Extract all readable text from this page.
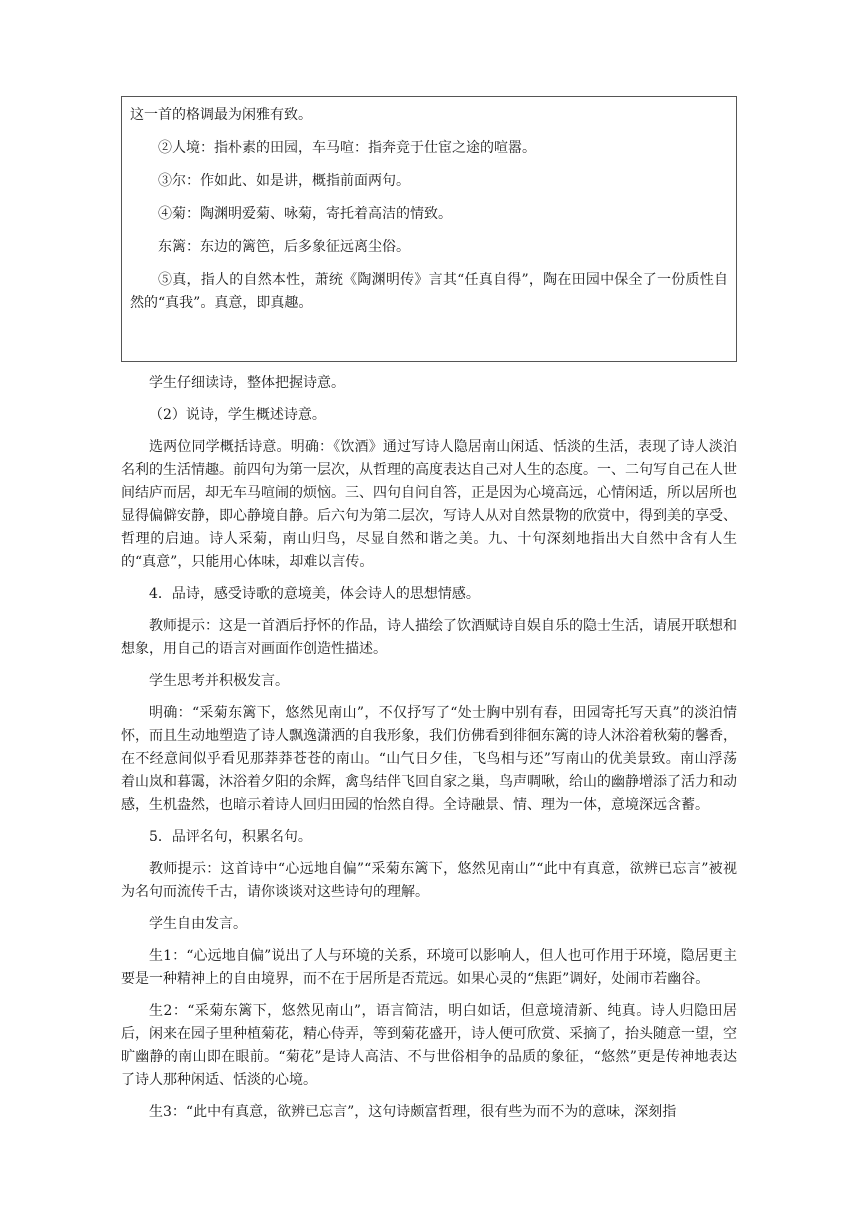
这一首的格调最为闲雅有致。

②人境：指朴素的田园，车马喧：指奔竞于仕宦之途的喧嚣。

③尔：作如此、如是讲，概指前面两句。

④菊：陶渊明爱菊、咏菊，寄托着高洁的情致。

东篱：东边的篱笆，后多象征远离尘俗。

⑤真，指人的自然本性，萧统《陶渊明传》言其“任真自得”，陶在田园中保全了一份质性自然的“真我”。真意，即真趣。

学生仔细读诗，整体把握诗意。

（2）说诗，学生概述诗意。

选两位同学概括诗意。明确：《饮酒》通过写诗人隐居南山闲适、恬淡的生活，表现了诗人淡泊名利的生活情趣。前四句为第一层次，从哲理的高度表达自己对人生的态度。一、二句写自己在人世间结庐而居，却无车马喧闹的烦恼。三、四句自问自答，正是因为心境高远，心情闲适，所以居所也显得偏僻安静，即心静境自静。后六句为第二层次，写诗人从对自然景物的欣赏中，得到美的享受、哲理的启迪。诗人采菊，南山归鸟，尽显自然和谐之美。九、十句深刻地指出大自然中含有人生的“真意”，只能用心体味，却难以言传。

4．品诗，感受诗歌的意境美，体会诗人的思想情感。

教师提示：这是一首酒后抒怀的作品，诗人描绘了饮酒赋诗自娱自乐的隐士生活，请展开联想和想象，用自己的语言对画面作创造性描述。

学生思考并积极发言。

明确：“采菊东篱下，悠然见南山”，不仅抒写了“处士胸中别有春，田园寄托写天真”的淡泊情怀，而且生动地塑造了诗人飘逸潇洒的自我形象，我们仿佛看到徘徊东篱的诗人沐浴着秋菊的馨香，在不经意间似乎看见那莽莽苍苍的南山。“山气日夕佳，飞鸟相与还”写南山的优美景致。南山浮荡着山岚和暮霭，沐浴着夕阳的余辉，禽鸟结伴飞回自家之巢，鸟声啁啾，给山的幽静增添了活力和动感，生机盎然，也暗示着诗人回归田园的怡然自得。全诗融景、情、理为一体，意境深远含蓄。

5．品评名句，积累名句。

教师提示：这首诗中“心远地自偏”“采菊东篱下，悠然见南山”“此中有真意，欲辨已忘言”被视为名句而流传千古，请你谈谈对这些诗句的理解。

学生自由发言。

生1：“心远地自偏”说出了人与环境的关系，环境可以影响人，但人也可作用于环境，隐居更主要是一种精神上的自由境界，而不在于居所是否荒远。如果心灵的“焦距”调好，处闹市若幽谷。

生2：“采菊东篱下，悠然见南山”，语言简洁，明白如话，但意境清新、纯真。诗人归隐田居后，闲来在园子里种植菊花，精心侍弄，等到菊花盛开，诗人便可欣赏、采摘了，抬头随意一望，空旷幽静的南山即在眼前。“菊花”是诗人高洁、不与世俗相争的品质的象征，“悠然”更是传神地表达了诗人那种闲适、恬淡的心境。

生3：“此中有真意，欲辨已忘言”，这句诗颇富哲理，很有些为而不为的意味，深刻指
